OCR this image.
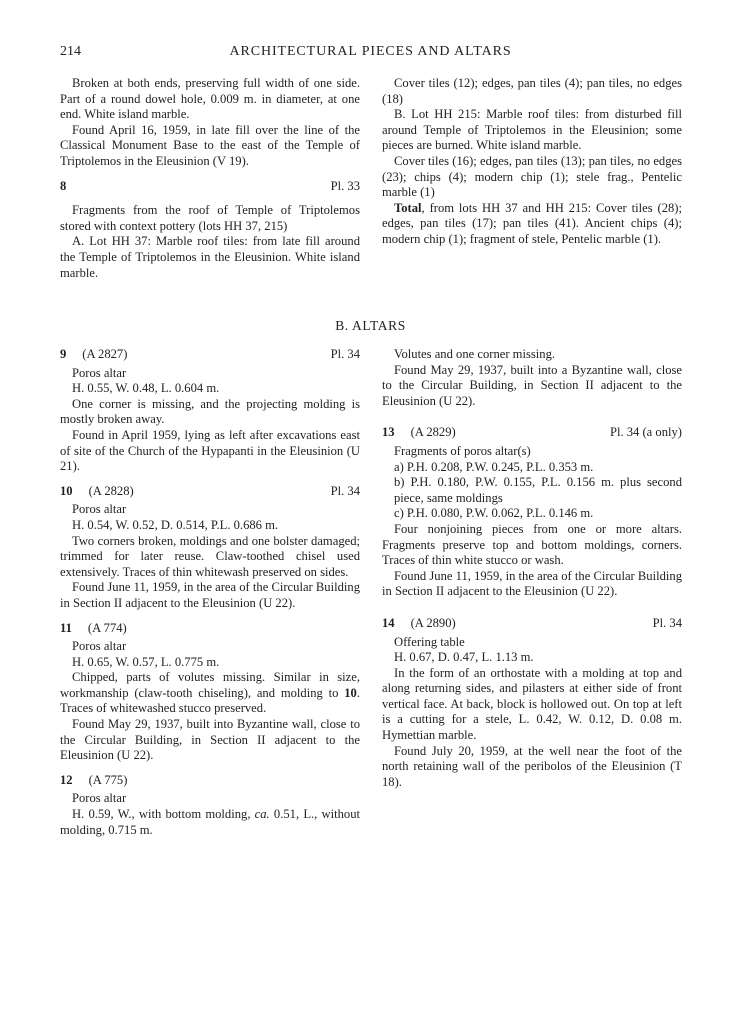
214	ARCHITECTURAL PIECES AND ALTARS

Broken at both ends, preserving full width of one side. Part of a round dowel hole, 0.009 m. in diameter, at one end. White island marble.

Found April 16, 1959, in late fill over the line of the Classical Monument Base to the east of the Temple of Triptolemos in the Eleusinion (V 19).

8	Pl. 33

Fragments from the roof of Temple of Triptolemos stored with context pottery (lots HH 37, 215)

A. Lot HH 37: Marble roof tiles: from late fill around the Temple of Triptolemos in the Eleusinion. White island marble.

Cover tiles (12); edges, pan tiles (4); pan tiles, no edges (18)

B. Lot HH 215: Marble roof tiles: from disturbed fill around Temple of Triptolemos in the Eleusinion; some pieces are burned. White island marble.

Cover tiles (16); edges, pan tiles (13); pan tiles, no edges (23); chips (4); modern chip (1); stele frag., Pentelic marble (1)

Total, from lots HH 37 and HH 215: Cover tiles (28); edges, pan tiles (17); pan tiles (41). Ancient chips (4); modern chip (1); fragment of stele, Pentelic marble (1).

B. ALTARS
9 (A 2827)	Pl. 34

Poros altar

H. 0.55, W. 0.48, L. 0.604 m.

One corner is missing, and the projecting molding is mostly broken away.

Found in April 1959, lying as left after excavations east of site of the Church of the Hypapanti in the Eleusinion (U 21).

10 (A 2828)	Pl. 34

Poros altar

H. 0.54, W. 0.52, D. 0.514, P.L. 0.686 m.

Two corners broken, moldings and one bolster damaged; trimmed for later reuse. Claw-toothed chisel used extensively. Traces of thin whitewash preserved on sides.

Found June 11, 1959, in the area of the Circular Building in Section II adjacent to the Eleusinion (U 22).

11 (A 774)

Poros altar

H. 0.65, W. 0.57, L. 0.775 m.

Chipped, parts of volutes missing. Similar in size, workmanship (claw-tooth chiseling), and molding to 10. Traces of whitewashed stucco preserved.

Found May 29, 1937, built into Byzantine wall, close to the Circular Building, in Section II adjacent to the Eleusinion (U 22).

12 (A 775)

Poros altar

H. 0.59, W., with bottom molding, ca. 0.51, L., without molding, 0.715 m.

Volutes and one corner missing.

Found May 29, 1937, built into a Byzantine wall, close to the Circular Building, in Section II adjacent to the Eleusinion (U 22).

13 (A 2829)	Pl. 34 (a only)

Fragments of poros altar(s)

a) P.H. 0.208, P.W. 0.245, P.L. 0.353 m.

b) P.H. 0.180, P.W. 0.155, P.L. 0.156 m. plus second piece, same moldings

c) P.H. 0.080, P.W. 0.062, P.L. 0.146 m.

Four nonjoining pieces from one or more altars. Fragments preserve top and bottom moldings, corners. Traces of thin white stucco or wash.

Found June 11, 1959, in the area of the Circular Building in Section II adjacent to the Eleusinion (U 22).

14 (A 2890)	Pl. 34

Offering table

H. 0.67, D. 0.47, L. 1.13 m.

In the form of an orthostate with a molding at top and along returning sides, and pilasters at either side of front vertical face. At back, block is hollowed out. On top at left is a cutting for a stele, L. 0.42, W. 0.12, D. 0.08 m. Hymettian marble.

Found July 20, 1959, at the well near the foot of the north retaining wall of the peribolos of the Eleusinion (T 18).
